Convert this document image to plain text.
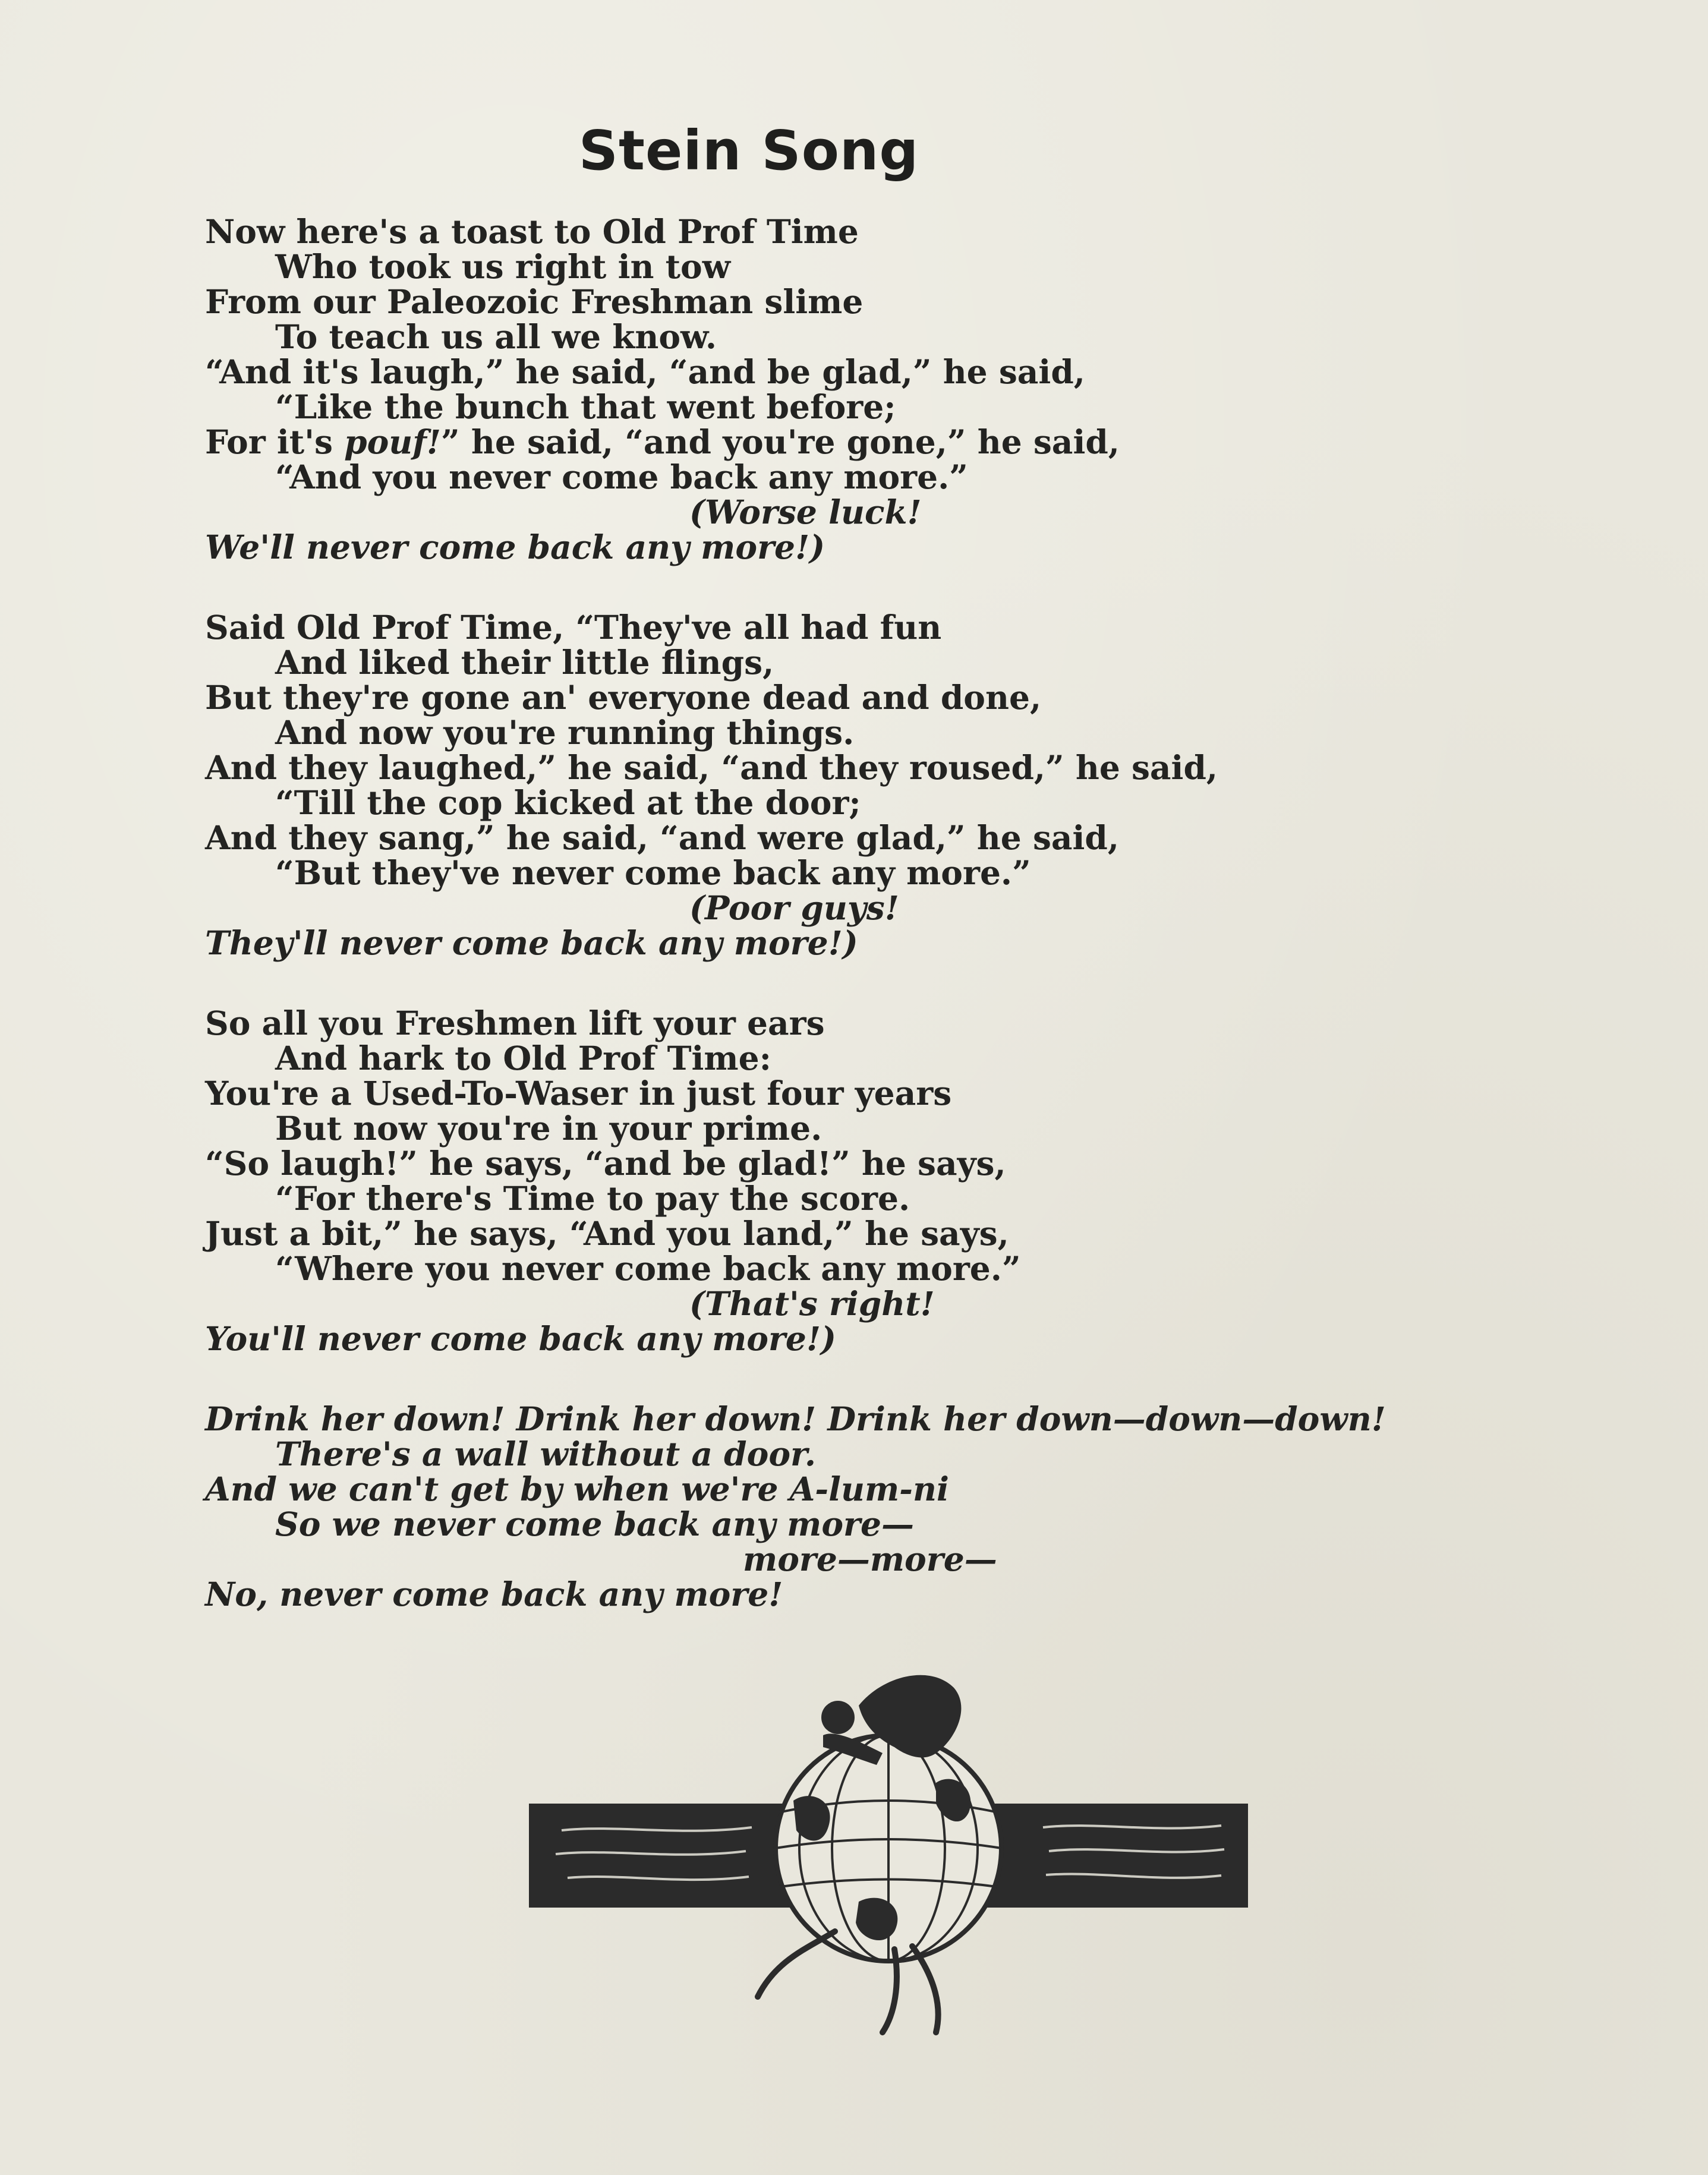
Stein Song
Now here's a toast to Old Prof Time
Who took us right in tow
From our Paleozoic Freshman slime
To teach us all we know.
“And it's laugh,” he said, “and be glad,” he said,
“Like the bunch that went before;
For it's pouf!” he said, “and you're gone,” he said,
“And you never come back any more.”
(Worse luck!
We'll never come back any more!)
Said Old Prof Time, “They've all had fun
And liked their little flings,
But they're gone an' everyone dead and done,
And now you're running things.
And they laughed,” he said, “and they roused,” he said,
“Till the cop kicked at the door;
And they sang,” he said, “and were glad,” he said,
“But they've never come back any more.”
(Poor guys!
They'll never come back any more!)
So all you Freshmen lift your ears
And hark to Old Prof Time:
You're a Used-To-Waser in just four years
But now you're in your prime.
“So laugh!” he says, “and be glad!” he says,
“For there's Time to pay the score.
Just a bit,” he says, “And you land,” he says,
“Where you never come back any more.”
(That's right!
You'll never come back any more!)
Drink her down! Drink her down! Drink her down—down—down!
There's a wall without a door.
And we can't get by when we're A-lum-ni
So we never come back any more—
more—more—
No, never come back any more!
